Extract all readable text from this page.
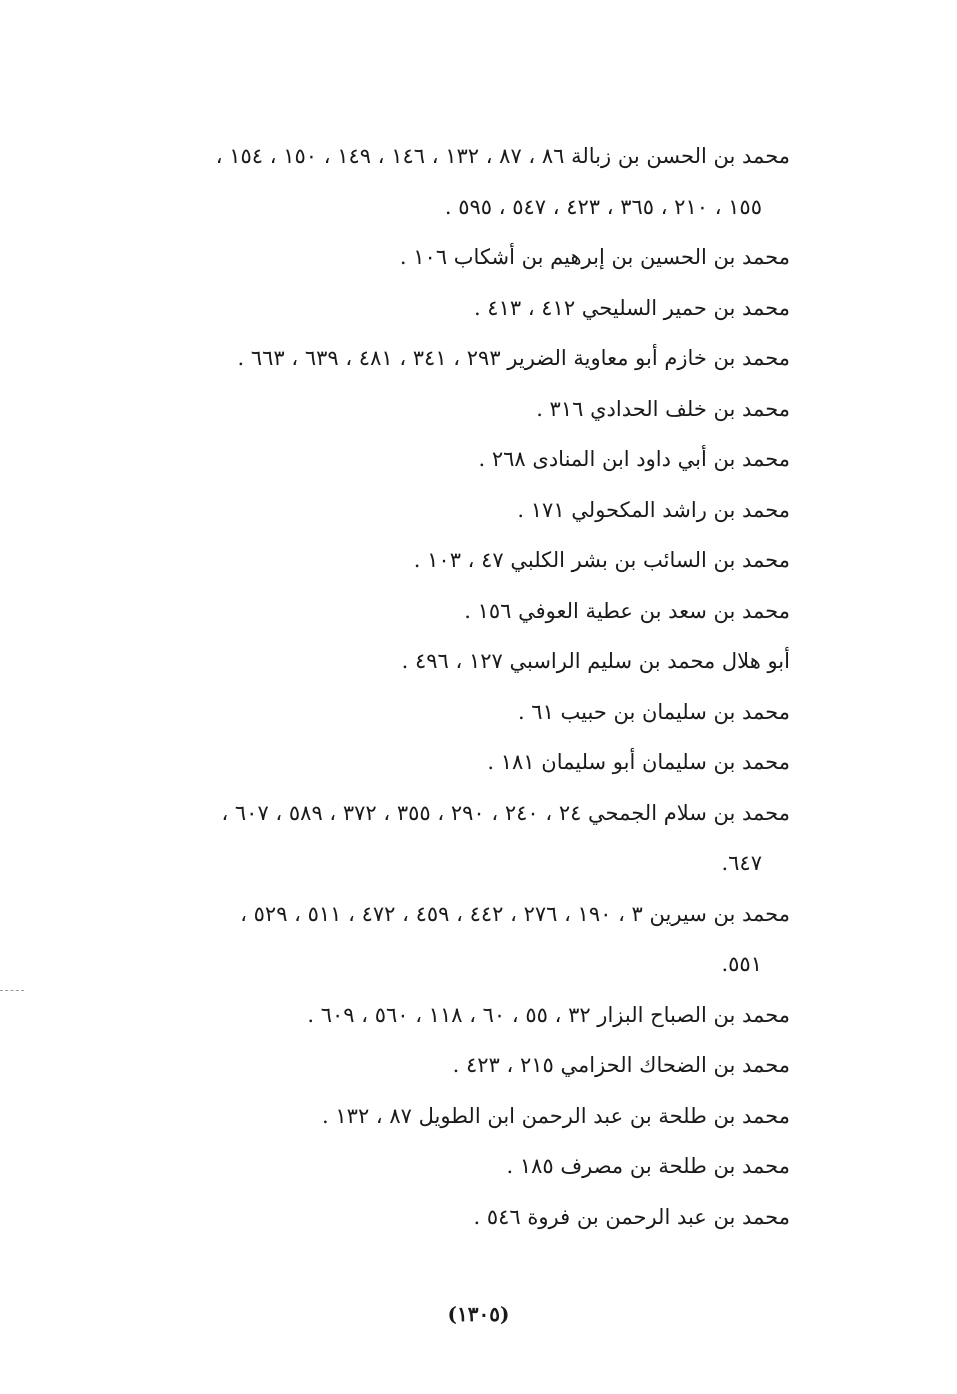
محمد بن الحسن بن زبالة ٨٦ ، ٨٧ ، ١٣٢ ، ١٤٦ ، ١٤٩ ، ١٥٠ ، ١٥٤ ،
١٥٥ ، ٢١٠ ، ٣٦٥ ، ٤٢٣ ، ٥٤٧ ، ٥٩٥ .
محمد بن الحسين بن إبرهيم بن أشكاب ١٠٦ .
محمد بن حمير السليحي ٤١٢ ، ٤١٣ .
محمد بن خازم أبو معاوية الضرير ٢٩٣ ، ٣٤١ ، ٤٨١ ، ٦٣٩ ، ٦٦٣ .
محمد بن خلف الحدادي ٣١٦ .
محمد بن أبي داود ابن المنادى ٢٦٨ .
محمد بن راشد المكحولي ١٧١ .
محمد بن السائب بن بشر الكلبي ٤٧ ، ١٠٣ .
محمد بن سعد بن عطية العوفي ١٥٦ .
أبو هلال محمد بن سليم الراسبي ١٢٧ ، ٤٩٦ .
محمد بن سليمان بن حبيب ٦١ .
محمد بن سليمان أبو سليمان ١٨١ .
محمد بن سلام الجمحي ٢٤ ، ٢٤٠ ، ٢٩٠ ، ٣٥٥ ، ٣٧٢ ، ٥٨٩ ، ٦٠٧ ،
٦٤٧.
محمد بن سيرين ٣ ، ١٩٠ ، ٢٧٦ ، ٤٤٢ ، ٤٥٩ ، ٤٧٢ ، ٥١١ ، ٥٢٩ ،
٥٥١.
محمد بن الصباح البزار ٣٢ ، ٥٥ ، ٦٠ ، ١١٨ ، ٥٦٠ ، ٦٠٩ .
محمد بن الضحاك الحزامي ٢١٥ ، ٤٢٣ .
محمد بن طلحة بن عبد الرحمن ابن الطويل ٨٧ ، ١٣٢ .
محمد بن طلحة بن مصرف ١٨٥ .
محمد بن عبد الرحمن بن فروة ٥٤٦ .
(١٣٠٥)
